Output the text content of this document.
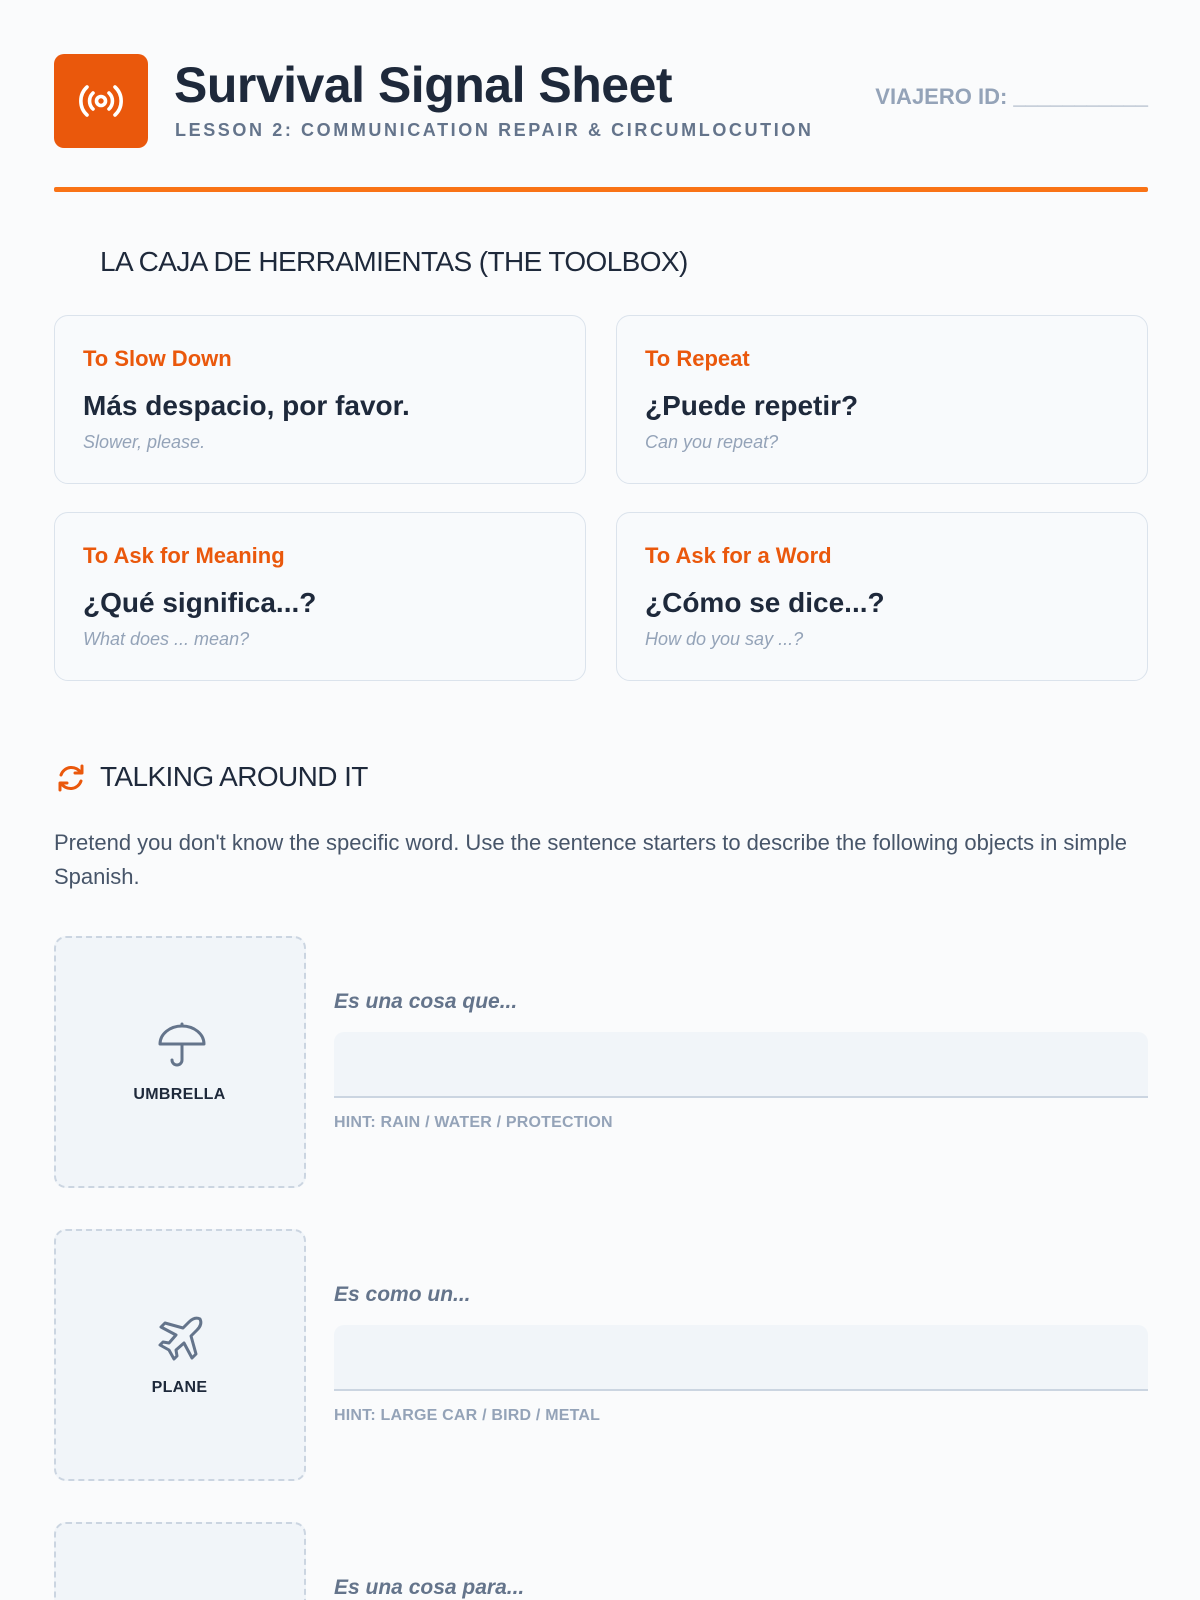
Survival Signal Sheet
LESSON 2: COMMUNICATION REPAIR & CIRCUMLOCUTION
VIAJERO ID: ___________
LA CAJA DE HERRAMIENTAS (THE TOOLBOX)
To Slow Down
Más despacio, por favor.
Slower, please.
To Repeat
¿Puede repetir?
Can you repeat?
To Ask for Meaning
¿Qué significa...?
What does ... mean?
To Ask for a Word
¿Cómo se dice...?
How do you say ...?
TALKING AROUND IT
Pretend you don't know the specific word. Use the sentence starters to describe the following objects in simple Spanish.
UMBRELLA
Es una cosa que...
HINT: RAIN / WATER / PROTECTION
PLANE
Es como un...
HINT: LARGE CAR / BIRD / METAL
Es una cosa para...
